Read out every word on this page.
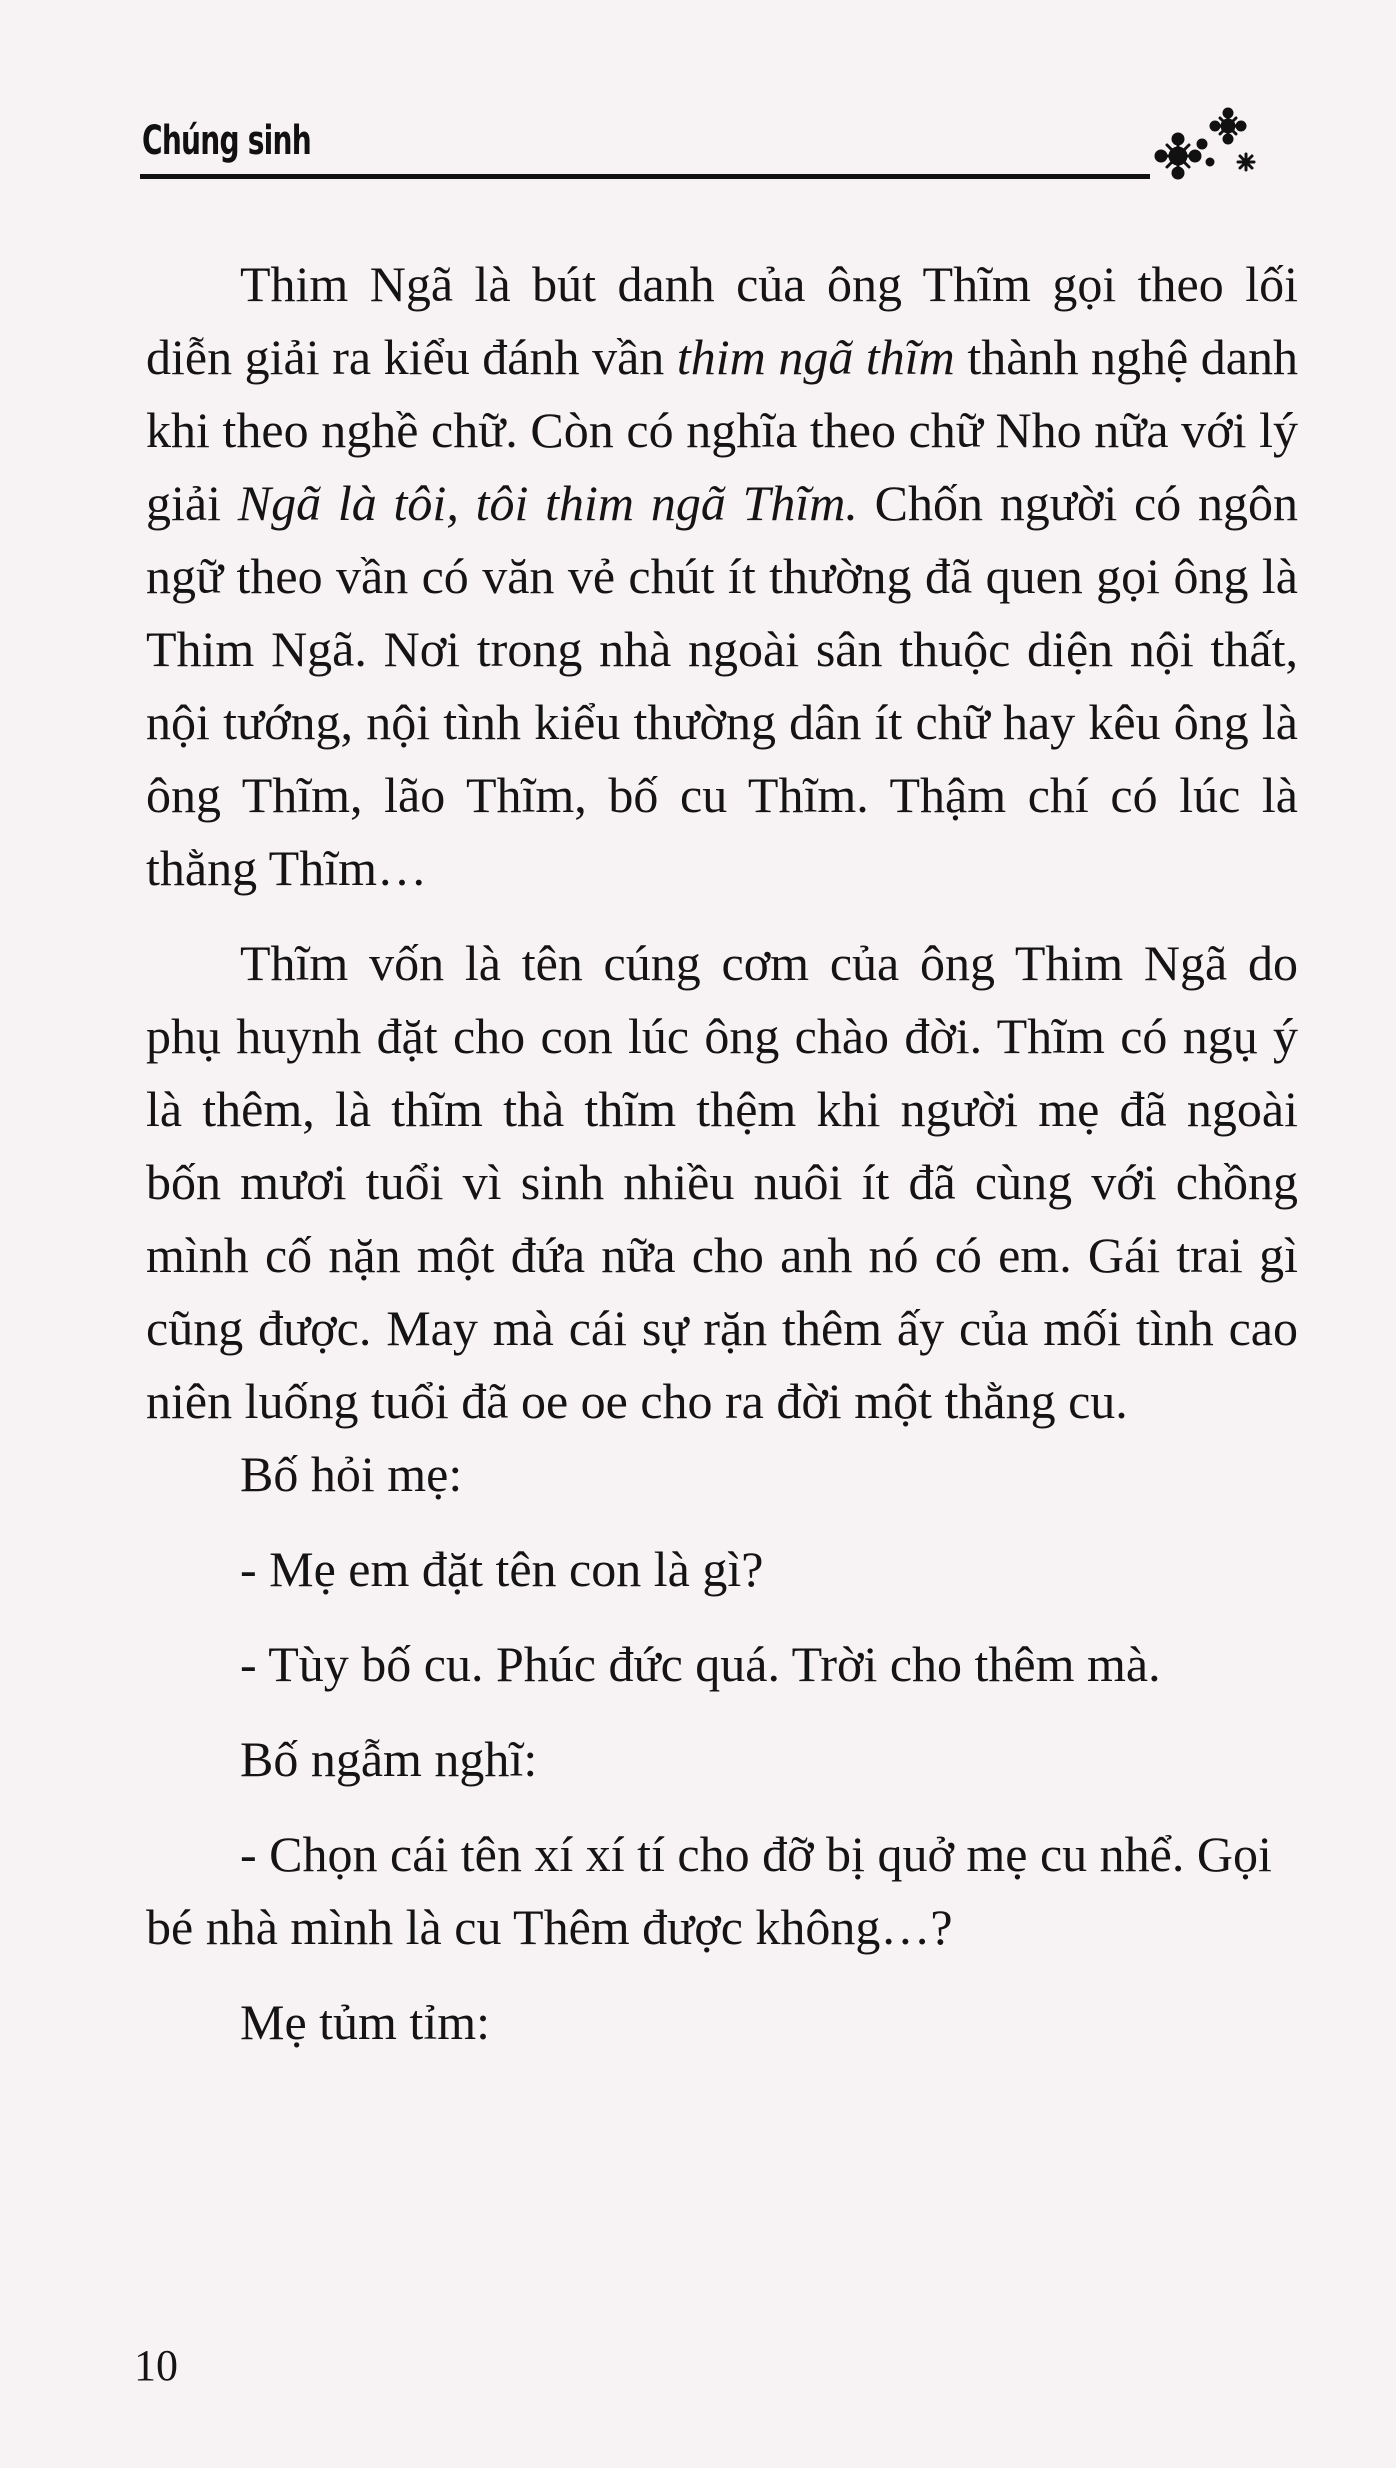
Chúng sinh

Thim Ngã là bút danh của ông Thĩm gọi theo lối diễn giải ra kiểu đánh vần thim ngã thĩm thành nghệ danh khi theo nghề chữ. Còn có nghĩa theo chữ Nho nữa với lý giải Ngã là tôi, tôi thim ngã Thĩm. Chốn người có ngôn ngữ theo vần có văn vẻ chút ít thường đã quen gọi ông là Thim Ngã. Nơi trong nhà ngoài sân thuộc diện nội thất, nội tướng, nội tình kiểu thường dân ít chữ hay kêu ông là ông Thĩm, lão Thĩm, bố cu Thĩm. Thậm chí có lúc là thằng Thĩm…

Thĩm vốn là tên cúng cơm của ông Thim Ngã do phụ huynh đặt cho con lúc ông chào đời. Thĩm có ngụ ý là thêm, là thĩm thà thĩm thệm khi người mẹ đã ngoài bốn mươi tuổi vì sinh nhiều nuôi ít đã cùng với chồng mình cố nặn một đứa nữa cho anh nó có em. Gái trai gì cũng được. May mà cái sự rặn thêm ấy của mối tình cao niên luống tuổi đã oe oe cho ra đời một thằng cu.

Bố hỏi mẹ:

- Mẹ em đặt tên con là gì?

- Tùy bố cu. Phúc đức quá. Trời cho thêm mà.

Bố ngẫm nghĩ:

- Chọn cái tên xí xí tí cho đỡ bị quở mẹ cu nhể. Gọi bé nhà mình là cu Thêm được không…?

Mẹ tủm tỉm:

10
